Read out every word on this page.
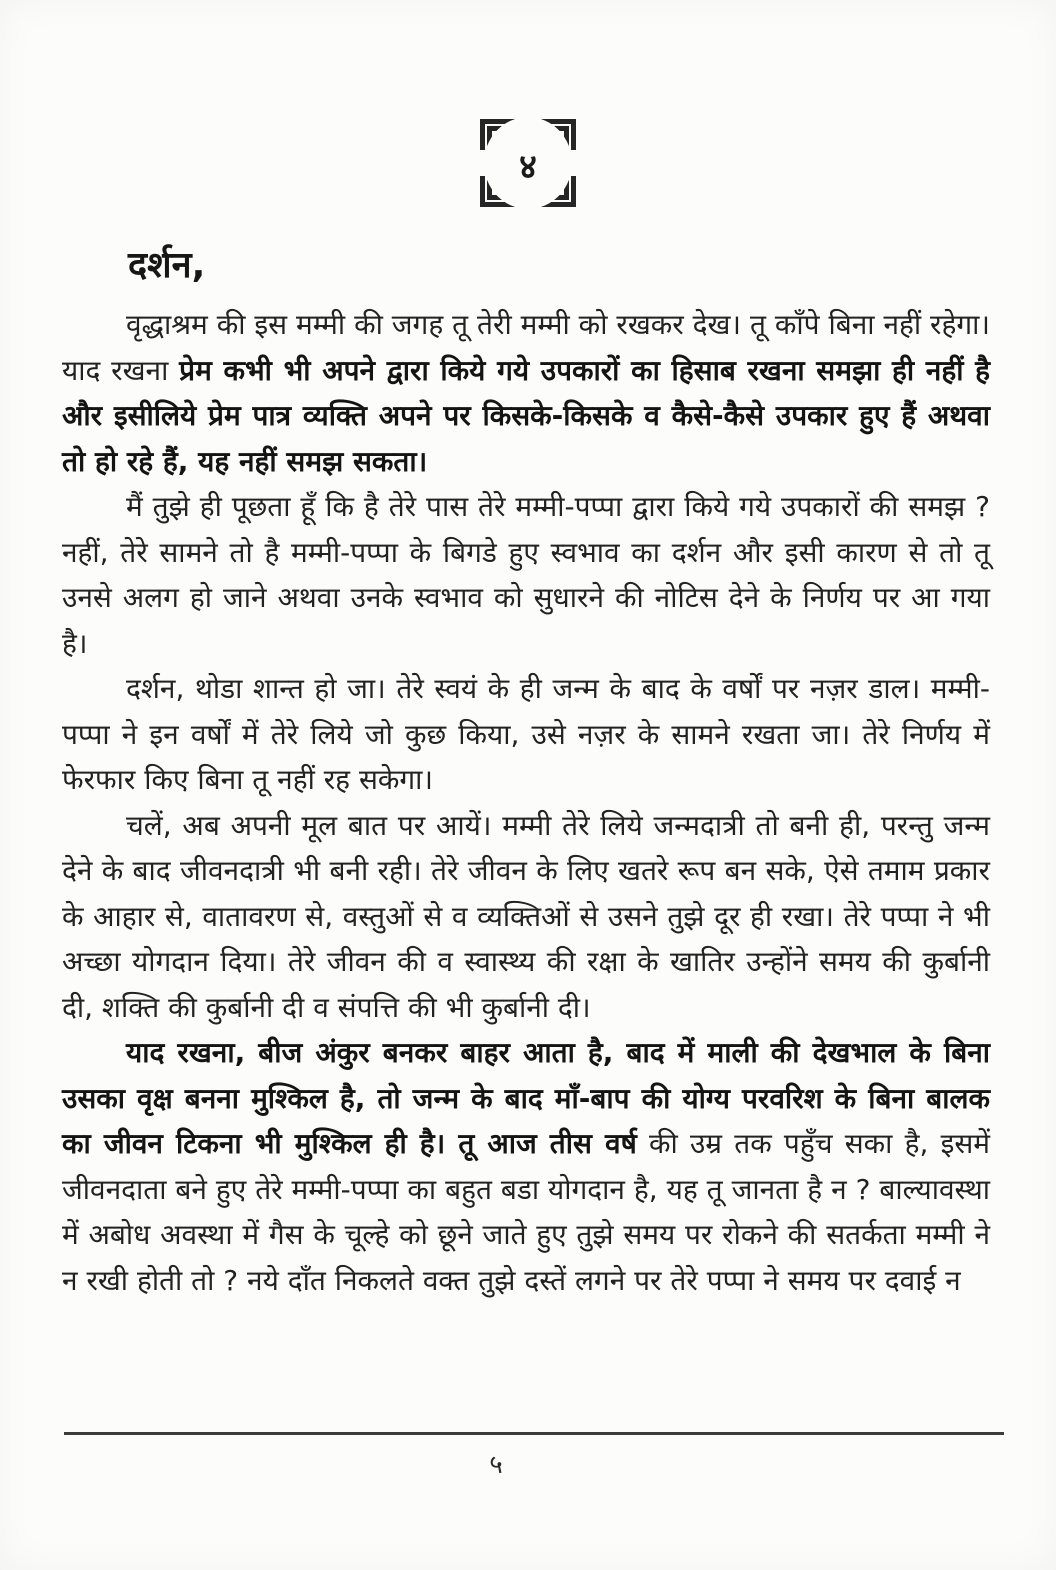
४
दर्शन,

वृद्धाश्रम की इस मम्मी की जगह तू तेरी मम्मी को रखकर देख। तू काँपे बिना नहीं रहेगा। याद रखना प्रेम कभी भी अपने द्वारा किये गये उपकारों का हिसाब रखना समझा ही नहीं है और इसीलिये प्रेम पात्र व्यक्ति अपने पर किसके-किसके व कैसे-कैसे उपकार हुए हैं अथवा तो हो रहे हैं, यह नहीं समझ सकता।

मैं तुझे ही पूछता हूँ कि है तेरे पास तेरे मम्मी-पप्पा द्वारा किये गये उपकारों की समझ ? नहीं, तेरे सामने तो है मम्मी-पप्पा के बिगडे हुए स्वभाव का दर्शन और इसी कारण से तो तू उनसे अलग हो जाने अथवा उनके स्वभाव को सुधारने की नोटिस देने के निर्णय पर आ गया है।

दर्शन, थोडा शान्त हो जा। तेरे स्वयं के ही जन्म के बाद के वर्षों पर नज़र डाल। मम्मी-पप्पा ने इन वर्षों में तेरे लिये जो कुछ किया, उसे नज़र के सामने रखता जा। तेरे निर्णय में फेरफार किए बिना तू नहीं रह सकेगा।

चलें, अब अपनी मूल बात पर आयें। मम्मी तेरे लिये जन्मदात्री तो बनी ही, परन्तु जन्म देने के बाद जीवनदात्री भी बनी रही। तेरे जीवन के लिए खतरे रूप बन सके, ऐसे तमाम प्रकार के आहार से, वातावरण से, वस्तुओं से व व्यक्तिओं से उसने तुझे दूर ही रखा। तेरे पप्पा ने भी अच्छा योगदान दिया। तेरे जीवन की व स्वास्थ्य की रक्षा के खातिर उन्होंने समय की कुर्बानी दी, शक्ति की कुर्बानी दी व संपत्ति की भी कुर्बानी दी।

याद रखना, बीज अंकुर बनकर बाहर आता है, बाद में माली की देखभाल के बिना उसका वृक्ष बनना मुश्किल है, तो जन्म के बाद माँ-बाप की योग्य परवरिश के बिना बालक का जीवन टिकना भी मुश्किल ही है। तू आज तीस वर्ष की उम्र तक पहुँच सका है, इसमें जीवनदाता बने हुए तेरे मम्मी-पप्पा का बहुत बडा योगदान है, यह तू जानता है न ? बाल्यावस्था में अबोध अवस्था में गैस के चूल्हे को छूने जाते हुए तुझे समय पर रोकने की सतर्कता मम्मी ने न रखी होती तो ? नये दाँत निकलते वक्त तुझे दस्तें लगने पर तेरे पप्पा ने समय पर दवाई न

५
